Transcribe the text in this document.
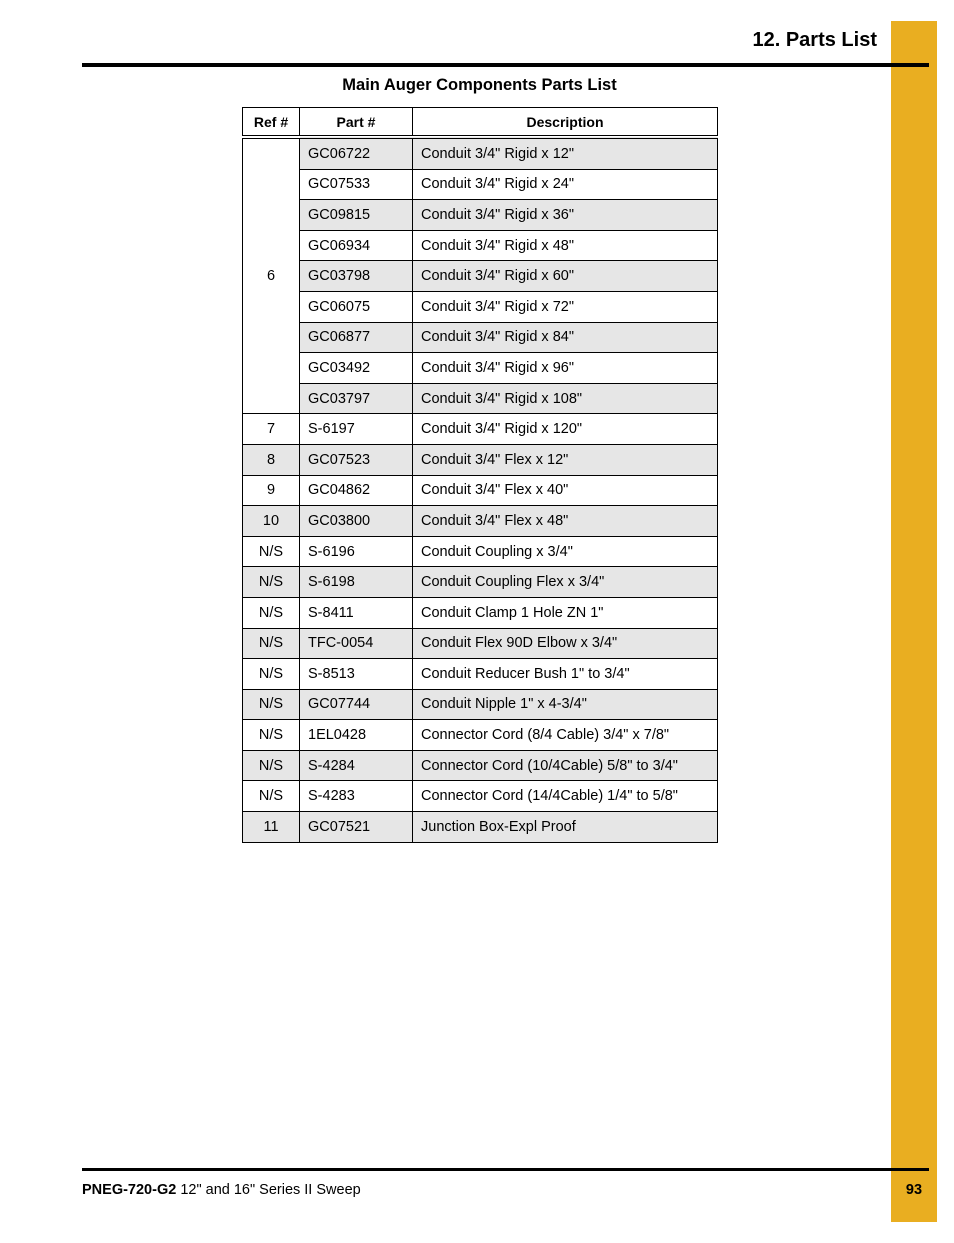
12. Parts List
Main Auger Components Parts List
Ref #	Part #	Description
6	GC06722	Conduit 3/4" Rigid x 12"
	GC07533	Conduit 3/4" Rigid x 24"
	GC09815	Conduit 3/4" Rigid x 36"
	GC06934	Conduit 3/4" Rigid x 48"
	GC03798	Conduit 3/4" Rigid x 60"
	GC06075	Conduit 3/4" Rigid x 72"
	GC06877	Conduit 3/4" Rigid x 84"
	GC03492	Conduit 3/4" Rigid x 96"
	GC03797	Conduit 3/4" Rigid x 108"
7	S-6197	Conduit 3/4" Rigid x 120"
8	GC07523	Conduit 3/4" Flex x 12"
9	GC04862	Conduit 3/4" Flex x 40"
10	GC03800	Conduit 3/4" Flex x 48"
N/S	S-6196	Conduit Coupling x 3/4"
N/S	S-6198	Conduit Coupling Flex x 3/4"
N/S	S-8411	Conduit Clamp 1 Hole ZN 1"
N/S	TFC-0054	Conduit Flex 90D Elbow x 3/4"
N/S	S-8513	Conduit Reducer Bush 1" to 3/4"
N/S	GC07744	Conduit Nipple 1" x 4-3/4"
N/S	1EL0428	Connector Cord (8/4 Cable) 3/4" x 7/8"
N/S	S-4284	Connector Cord (10/4Cable) 5/8" to 3/4"
N/S	S-4283	Connector Cord (14/4Cable) 1/4" to 5/8"
11	GC07521	Junction Box-Expl Proof
PNEG-720-G2 12" and 16" Series II Sweep	93
